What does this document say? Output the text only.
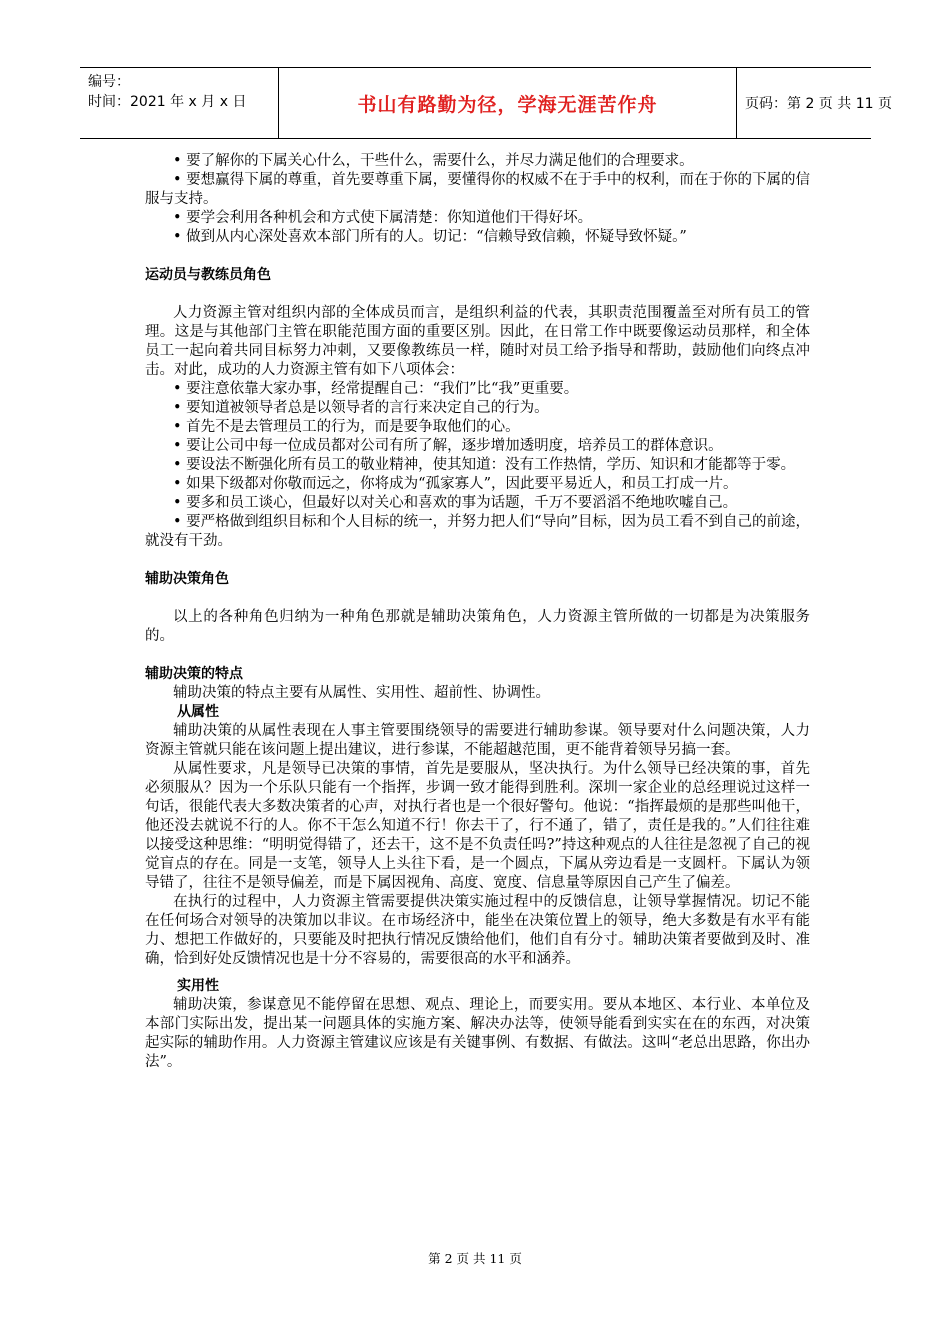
编号：
时间：2021 年 x 月 x 日	书山有路勤为径，学海无涯苦作舟	页码：第 2 页 共 11 页

• 要了解你的下属关心什么，干些什么，需要什么，并尽力满足他们的合理要求。

• 要想赢得下属的尊重，首先要尊重下属，要懂得你的权威不在于手中的权利，而在于你的下属的信服与支持。

• 要学会利用各种机会和方式使下属清楚：你知道他们干得好坏。

• 做到从内心深处喜欢本部门所有的人。切记：“信赖导致信赖，怀疑导致怀疑。”

运动员与教练员角色

人力资源主管对组织内部的全体成员而言，是组织利益的代表，其职责范围覆盖至对所有员工的管理。这是与其他部门主管在职能范围方面的重要区别。因此，在日常工作中既要像运动员那样，和全体员工一起向着共同目标努力冲刺，又要像教练员一样，随时对员工给予指导和帮助，鼓励他们向终点冲击。对此，成功的人力资源主管有如下八项体会：

• 要注意依靠大家办事，经常提醒自己：“我们”比“我”更重要。

• 要知道被领导者总是以领导者的言行来决定自己的行为。

• 首先不是去管理员工的行为，而是要争取他们的心。

• 要让公司中每一位成员都对公司有所了解，逐步增加透明度，培养员工的群体意识。

• 要设法不断强化所有员工的敬业精神，使其知道：没有工作热情，学历、知识和才能都等于零。

• 如果下级都对你敬而远之，你将成为“孤家寡人”，因此要平易近人，和员工打成一片。

• 要多和员工谈心，但最好以对关心和喜欢的事为话题，千万不要滔滔不绝地吹嘘自己。

• 要严格做到组织目标和个人目标的统一，并努力把人们“导向”目标，因为员工看不到自己的前途，就没有干劲。

辅助决策角色

以上的各种角色归纳为一种角色那就是辅助决策角色，人力资源主管所做的一切都是为决策服务的。

辅助决策的特点

辅助决策的特点主要有从属性、实用性、超前性、协调性。

从属性

辅助决策的从属性表现在人事主管要围绕领导的需要进行辅助参谋。领导要对什么问题决策，人力资源主管就只能在该问题上提出建议，进行参谋，不能超越范围，更不能背着领导另搞一套。

从属性要求，凡是领导已决策的事情，首先是要服从，坚决执行。为什么领导已经决策的事，首先必须服从？因为一个乐队只能有一个指挥，步调一致才能得到胜利。深圳一家企业的总经理说过这样一句话，很能代表大多数决策者的心声，对执行者也是一个很好警句。他说：“指挥最烦的是那些叫他干，他还没去就说不行的人。你不干怎么知道不行！你去干了，行不通了，错了，责任是我的。”人们往往难以接受这种思维：“明明觉得错了，还去干，这不是不负责任吗?”持这种观点的人往往是忽视了自己的视觉盲点的存在。同是一支笔，领导人上头往下看，是一个圆点，下属从旁边看是一支圆杆。下属认为领导错了，往往不是领导偏差，而是下属因视角、高度、宽度、信息量等原因自己产生了偏差。

在执行的过程中，人力资源主管需要提供决策实施过程中的反馈信息，让领导掌握情况。切记不能在任何场合对领导的决策加以非议。在市场经济中，能坐在决策位置上的领导，绝大多数是有水平有能力、想把工作做好的，只要能及时把执行情况反馈给他们，他们自有分寸。辅助决策者要做到及时、准确，恰到好处反馈情况也是十分不容易的，需要很高的水平和涵养。

实用性

辅助决策，参谋意见不能停留在思想、观点、理论上，而要实用。要从本地区、本行业、本单位及本部门实际出发，提出某一问题具体的实施方案、解决办法等，使领导能看到实实在在的东西，对决策起实际的辅助作用。人力资源主管建议应该是有关键事例、有数据、有做法。这叫“老总出思路，你出办法”。

第 2 页 共 11 页
